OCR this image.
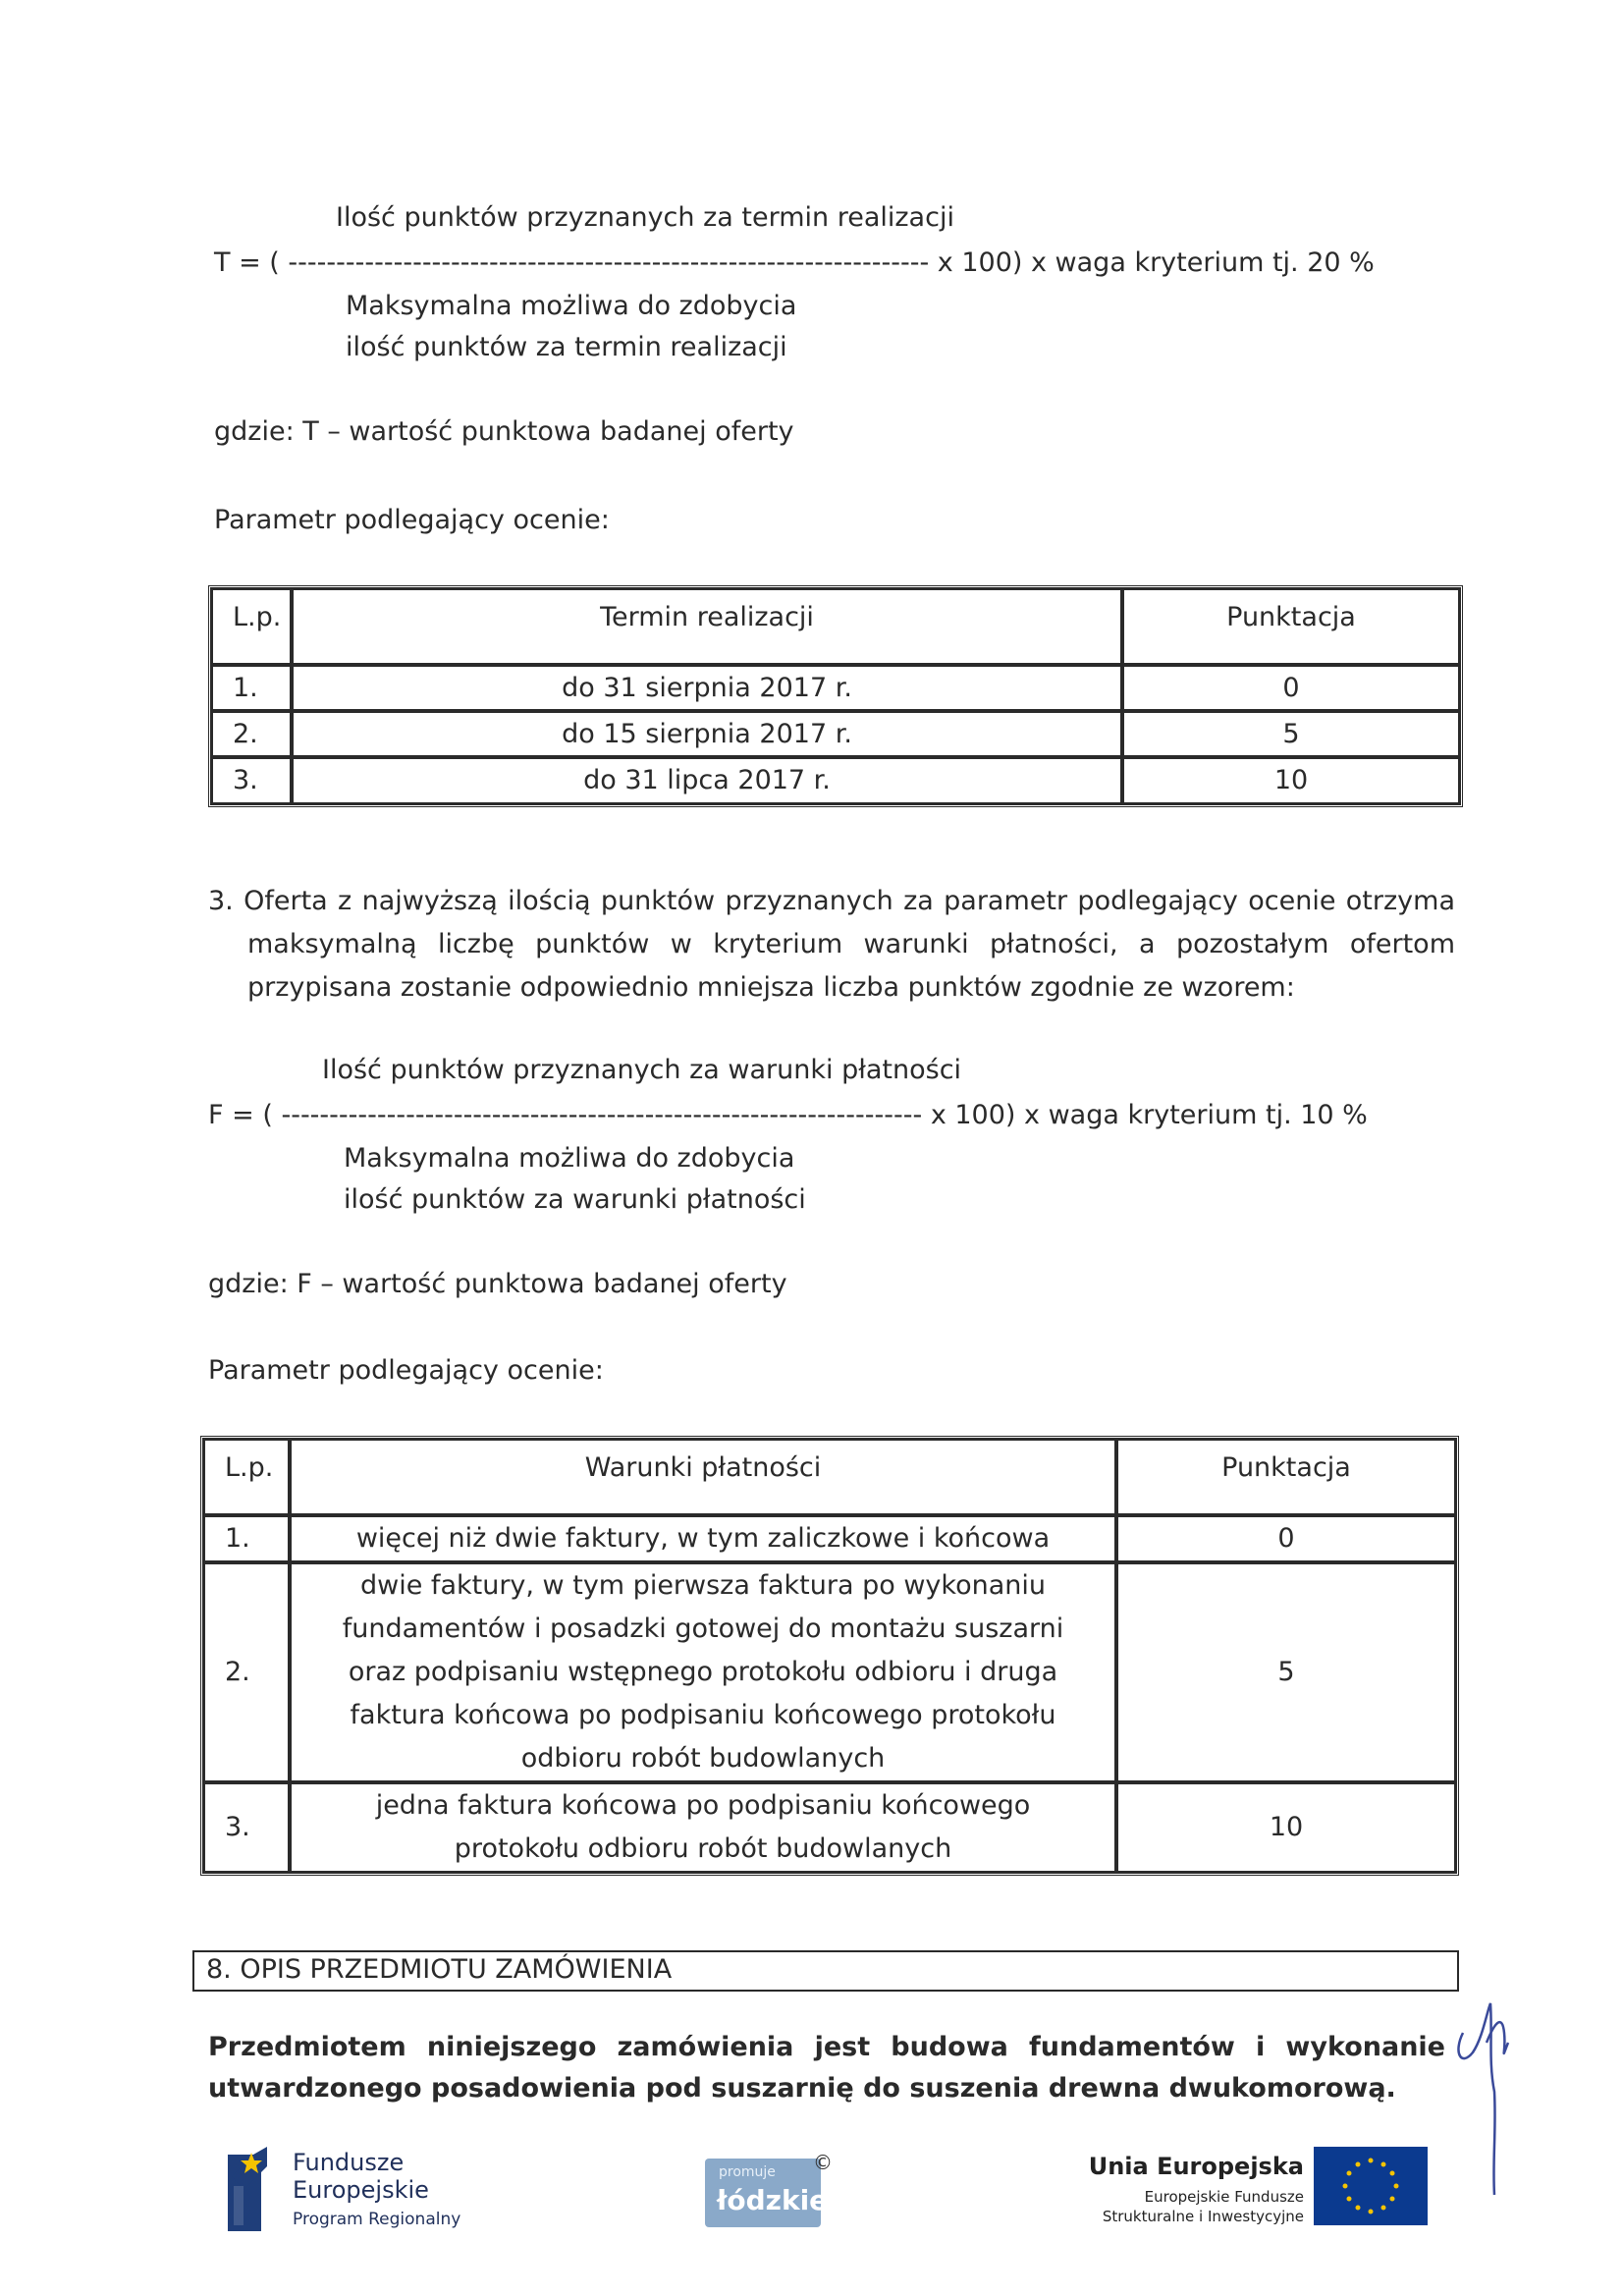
Ilość punktów przyznanych za termin realizacji
T = ( ------------------------------------------------------------------- x 100) x waga kryterium tj. 20 %
Maksymalna możliwa do zdobycia
ilość punktów za termin realizacji
gdzie: T – wartość punktowa badanej oferty
Parametr podlegający ocenie:
L.p.	Termin realizacji	Punktacja
1.	do 31 sierpnia 2017 r.	0
2.	do 15 sierpnia 2017 r.	5
3.	do 31 lipca 2017 r.	10
3. Oferta z najwyższą ilością punktów przyznanych za parametr podlegający ocenie otrzyma maksymalną liczbę punktów w kryterium warunki płatności, a pozostałym ofertom przypisana zostanie odpowiednio mniejsza liczba punktów zgodnie ze wzorem:
Ilość punktów przyznanych za warunki płatności
F = ( ------------------------------------------------------------------- x 100) x waga kryterium tj. 10 %
Maksymalna możliwa do zdobycia
ilość punktów za warunki płatności
gdzie: F – wartość punktowa badanej oferty
Parametr podlegający ocenie:
L.p.	Warunki płatności	Punktacja
1.	więcej niż dwie faktury, w tym zaliczkowe i końcowa	0
2.	dwie faktury, w tym pierwsza faktura po wykonaniu fundamentów i posadzki gotowej do montażu suszarni oraz podpisaniu wstępnego protokołu odbioru i druga faktura końcowa po podpisaniu końcowego protokołu odbioru robót budowlanych	5
3.	jedna faktura końcowa po podpisaniu końcowego protokołu odbioru robót budowlanych	10
8. OPIS PRZEDMIOTU ZAMÓWIENIA
Przedmiotem niniejszego zamówienia jest budowa fundamentów i wykonanie utwardzonego posadowienia pod suszarnię do suszenia drewna dwukomorową.
Fundusze
Europejskie
Program Regionalny
promuje
łódzkie
©	Unia Europejska
Europejskie Fundusze
Strukturalne i Inwestycyjne
